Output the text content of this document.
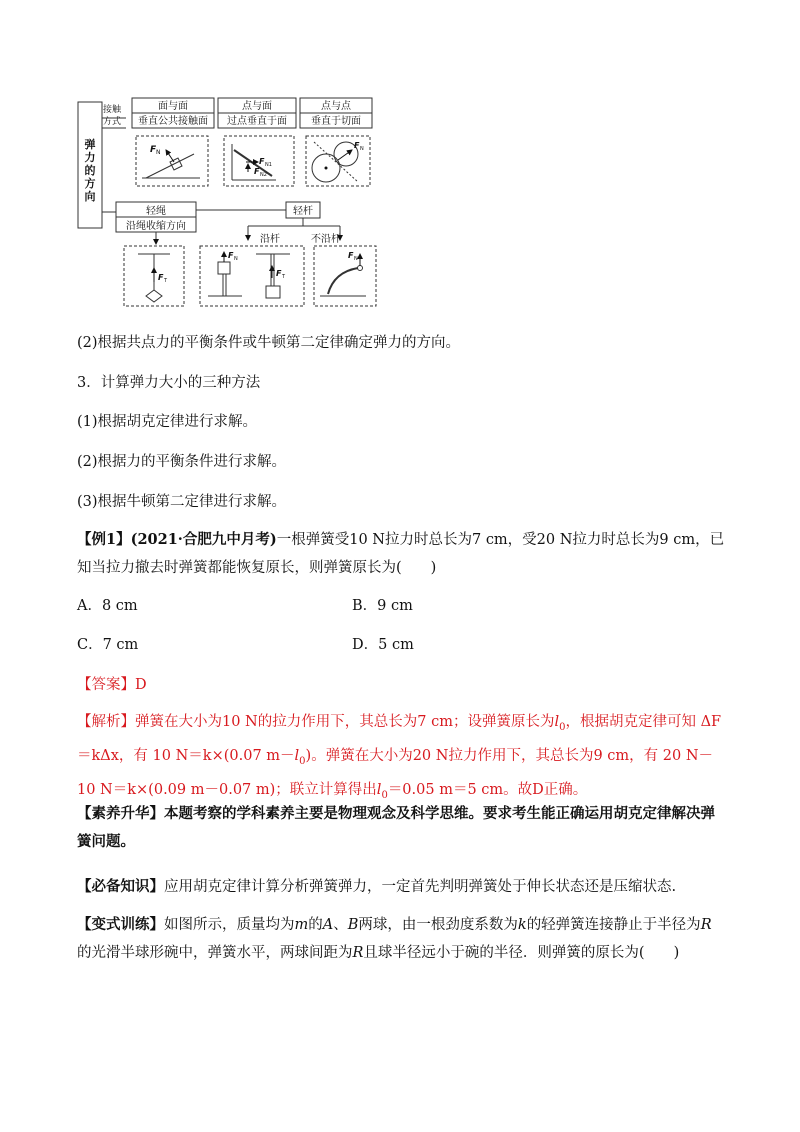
弹
力
的
方
向
接触
方式
面与面
垂直公共接触面
点与面
过点垂直于面
点与点
垂直于切面
F N
F N1
F N2
F N
轻绳
沿绳收缩方向
轻杆
沿杆	不沿杆
F T
F N
F T
F N
(2)根据共点力的平衡条件或牛顿第二定律确定弹力的方向。
3．计算弹力大小的三种方法
(1)根据胡克定律进行求解。
(2)根据力的平衡条件进行求解。
(3)根据牛顿第二定律进行求解。
【例1】(2021·合肥九中月考)一根弹簧受10 N拉力时总长为7 cm，受20 N拉力时总长为9 cm，已知当拉力撤去时弹簧都能恢复原长，则弹簧原长为(　　)
A．8 cm	B．9 cm
C．7 cm	D．5 cm
【答案】D
【解析】弹簧在大小为10 N的拉力作用下，其总长为7 cm；设弹簧原长为$l_0$，根据胡克定律可知 ΔF＝kΔx，有 10 N＝k×(0.07 $m-l_0$)。弹簧在大小为20 N拉力作用下，其总长为9 cm，有 20 N－10 N＝k×(0.09 m－0.07 m)；联立计算得出$l_0=0.05$ m＝5 cm。故D正确。
【素养升华】本题考察的学科素养主要是物理观念及科学思维。要求考生能正确运用胡克定律解决弹簧问题。
【必备知识】应用胡克定律计算分析弹簧弹力，一定首先判明弹簧处于伸长状态还是压缩状态.
【变式训练】如图所示，质量均为m的A、B两球，由一根劲度系数为k的轻弹簧连接静止于半径为R的光滑半球形碗中，弹簧水平，两球间距为R且球半径远小于碗的半径．则弹簧的原长为(　　)
